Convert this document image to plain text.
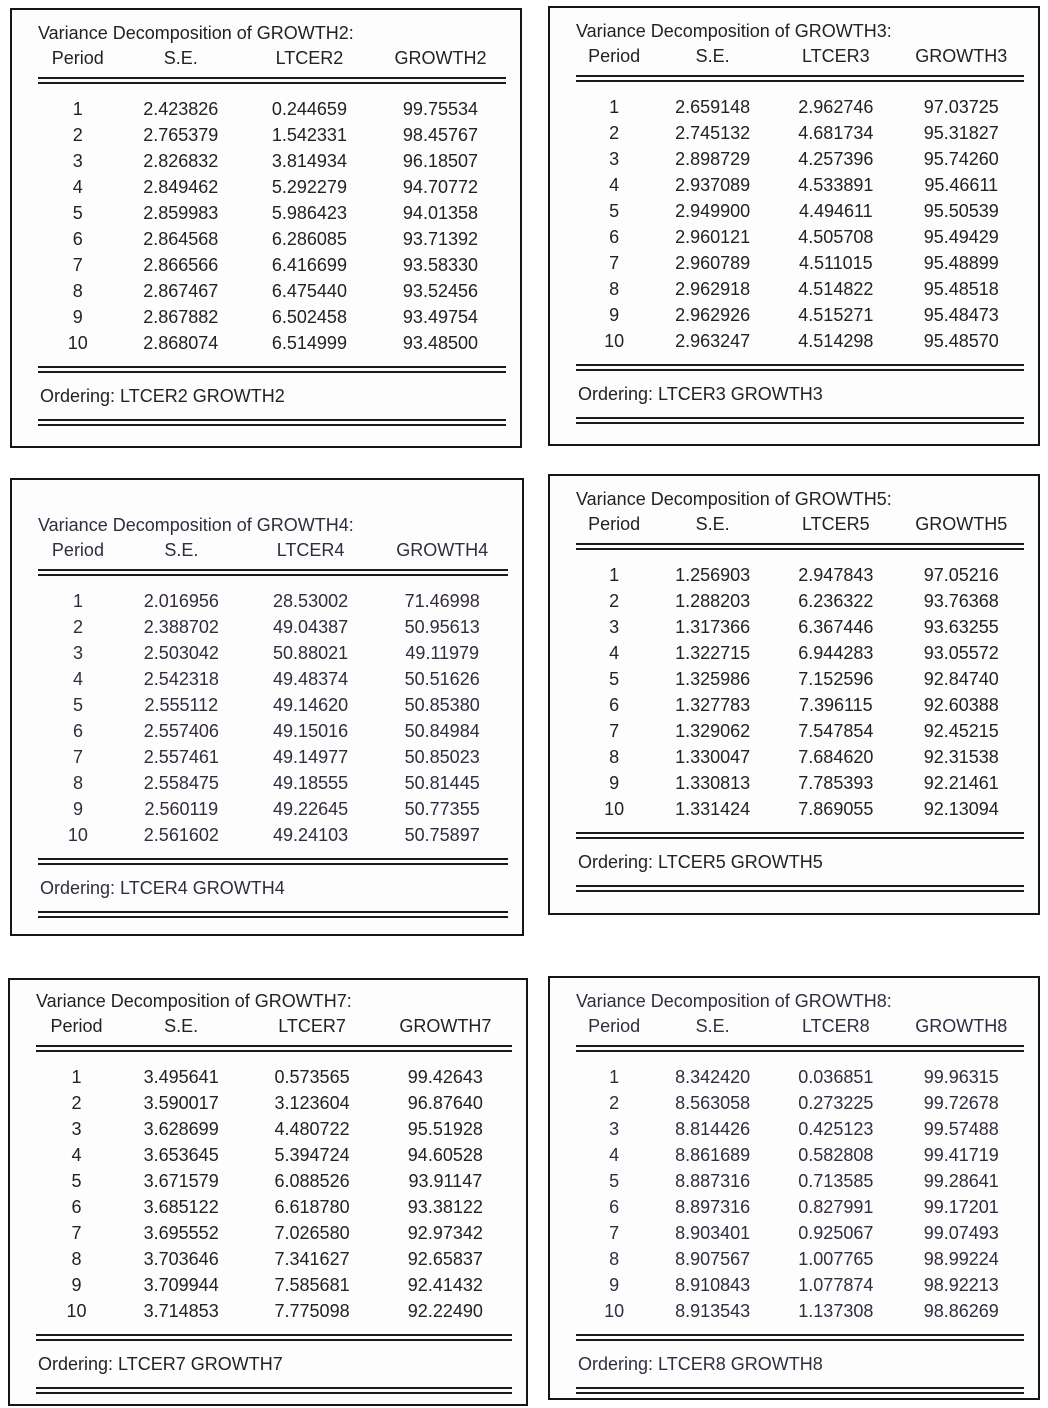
Variance Decomposition of GROWTH2:
Period	S.E.	LTCER2	GROWTH2
1	2.423826	0.244659	99.75534
2	2.765379	1.542331	98.45767
3	2.826832	3.814934	96.18507
4	2.849462	5.292279	94.70772
5	2.859983	5.986423	94.01358
6	2.864568	6.286085	93.71392
7	2.866566	6.416699	93.58330
8	2.867467	6.475440	93.52456
9	2.867882	6.502458	93.49754
10	2.868074	6.514999	93.48500
Ordering: LTCER2 GROWTH2
Variance Decomposition of GROWTH3:
Period	S.E.	LTCER3	GROWTH3
1	2.659148	2.962746	97.03725
2	2.745132	4.681734	95.31827
3	2.898729	4.257396	95.74260
4	2.937089	4.533891	95.46611
5	2.949900	4.494611	95.50539
6	2.960121	4.505708	95.49429
7	2.960789	4.511015	95.48899
8	2.962918	4.514822	95.48518
9	2.962926	4.515271	95.48473
10	2.963247	4.514298	95.48570
Ordering: LTCER3 GROWTH3
Variance Decomposition of GROWTH4:
Period	S.E.	LTCER4	GROWTH4
1	2.016956	28.53002	71.46998
2	2.388702	49.04387	50.95613
3	2.503042	50.88021	49.11979
4	2.542318	49.48374	50.51626
5	2.555112	49.14620	50.85380
6	2.557406	49.15016	50.84984
7	2.557461	49.14977	50.85023
8	2.558475	49.18555	50.81445
9	2.560119	49.22645	50.77355
10	2.561602	49.24103	50.75897
Ordering: LTCER4 GROWTH4
Variance Decomposition of GROWTH5:
Period	S.E.	LTCER5	GROWTH5
1	1.256903	2.947843	97.05216
2	1.288203	6.236322	93.76368
3	1.317366	6.367446	93.63255
4	1.322715	6.944283	93.05572
5	1.325986	7.152596	92.84740
6	1.327783	7.396115	92.60388
7	1.329062	7.547854	92.45215
8	1.330047	7.684620	92.31538
9	1.330813	7.785393	92.21461
10	1.331424	7.869055	92.13094
Ordering: LTCER5 GROWTH5
Variance Decomposition of GROWTH7:
Period	S.E.	LTCER7	GROWTH7
1	3.495641	0.573565	99.42643
2	3.590017	3.123604	96.87640
3	3.628699	4.480722	95.51928
4	3.653645	5.394724	94.60528
5	3.671579	6.088526	93.91147
6	3.685122	6.618780	93.38122
7	3.695552	7.026580	92.97342
8	3.703646	7.341627	92.65837
9	3.709944	7.585681	92.41432
10	3.714853	7.775098	92.22490
Ordering: LTCER7 GROWTH7
Variance Decomposition of GROWTH8:
Period	S.E.	LTCER8	GROWTH8
1	8.342420	0.036851	99.96315
2	8.563058	0.273225	99.72678
3	8.814426	0.425123	99.57488
4	8.861689	0.582808	99.41719
5	8.887316	0.713585	99.28641
6	8.897316	0.827991	99.17201
7	8.903401	0.925067	99.07493
8	8.907567	1.007765	98.99224
9	8.910843	1.077874	98.92213
10	8.913543	1.137308	98.86269
Ordering: LTCER8 GROWTH8
